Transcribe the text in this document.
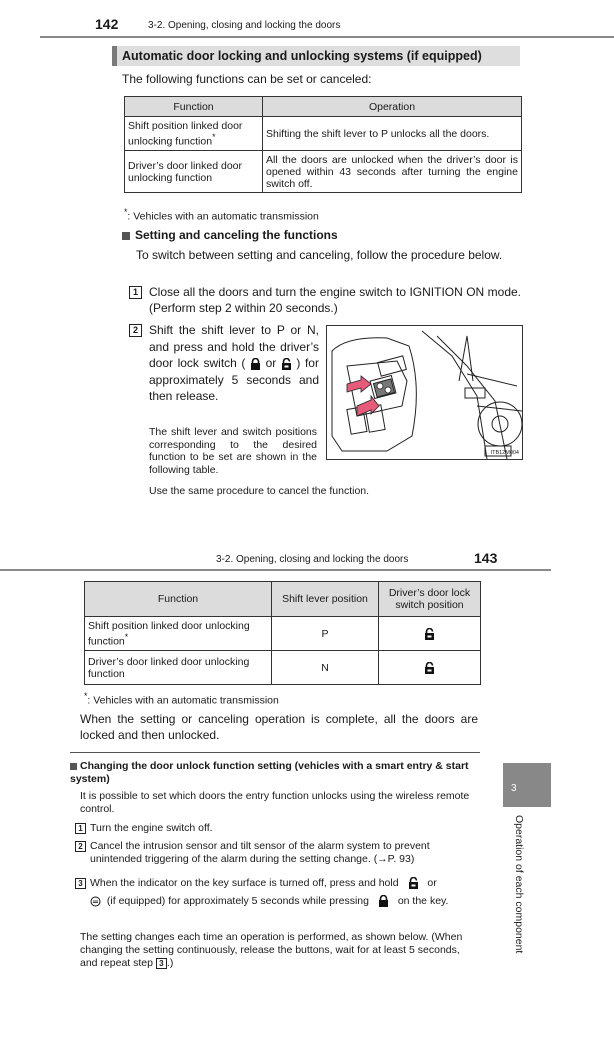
142	3-2. Opening, closing and locking the doors
Automatic door locking and unlocking systems (if equipped)
The following functions can be set or canceled:
Function	Operation
Shift position linked door unlocking function*	Shifting the shift lever to P unlocks all the doors.
Driver’s door linked door unlocking function	All the doors are unlocked when the driver’s door is opened within 43 seconds after turning the engine switch off.
*: Vehicles with an automatic transmission
Setting and canceling the functions
To switch between setting and canceling, follow the procedure below.
1 Close all the doors and turn the engine switch to IGNITION ON mode. (Perform step 2 within 20 seconds.)
2 Shift the shift lever to P or N, and press and hold the driver’s door lock switch ( or ) for approximately 5 seconds and then release.
The shift lever and switch positions corresponding to the desired function to be set are shown in the following table.
Use the same procedure to cancel the function.
ITB12M004
3-2. Opening, closing and locking the doors	143
Function	Shift lever position	Driver’s door lock switch position
Shift position linked door unlocking function*	P	
Driver’s door linked door unlocking function	N	
*: Vehicles with an automatic transmission
When the setting or canceling operation is complete, all the doors are locked and then unlocked.
Changing the door unlock function setting (vehicles with a smart entry & start system)
It is possible to set which doors the entry function unlocks using the wireless remote control.
1 Turn the engine switch off.
2 Cancel the intrusion sensor and tilt sensor of the alarm system to prevent unintended triggering of the alarm during the setting change. (→P. 93)
3 When the indicator on the key surface is turned off, press and hold	or
(if equipped) for approximately 5 seconds while pressing	on the key.
The setting changes each time an operation is performed, as shown below. (When changing the setting continuously, release the buttons, wait for at least 5 seconds, and repeat step 3 .)
3
Operation of each component
